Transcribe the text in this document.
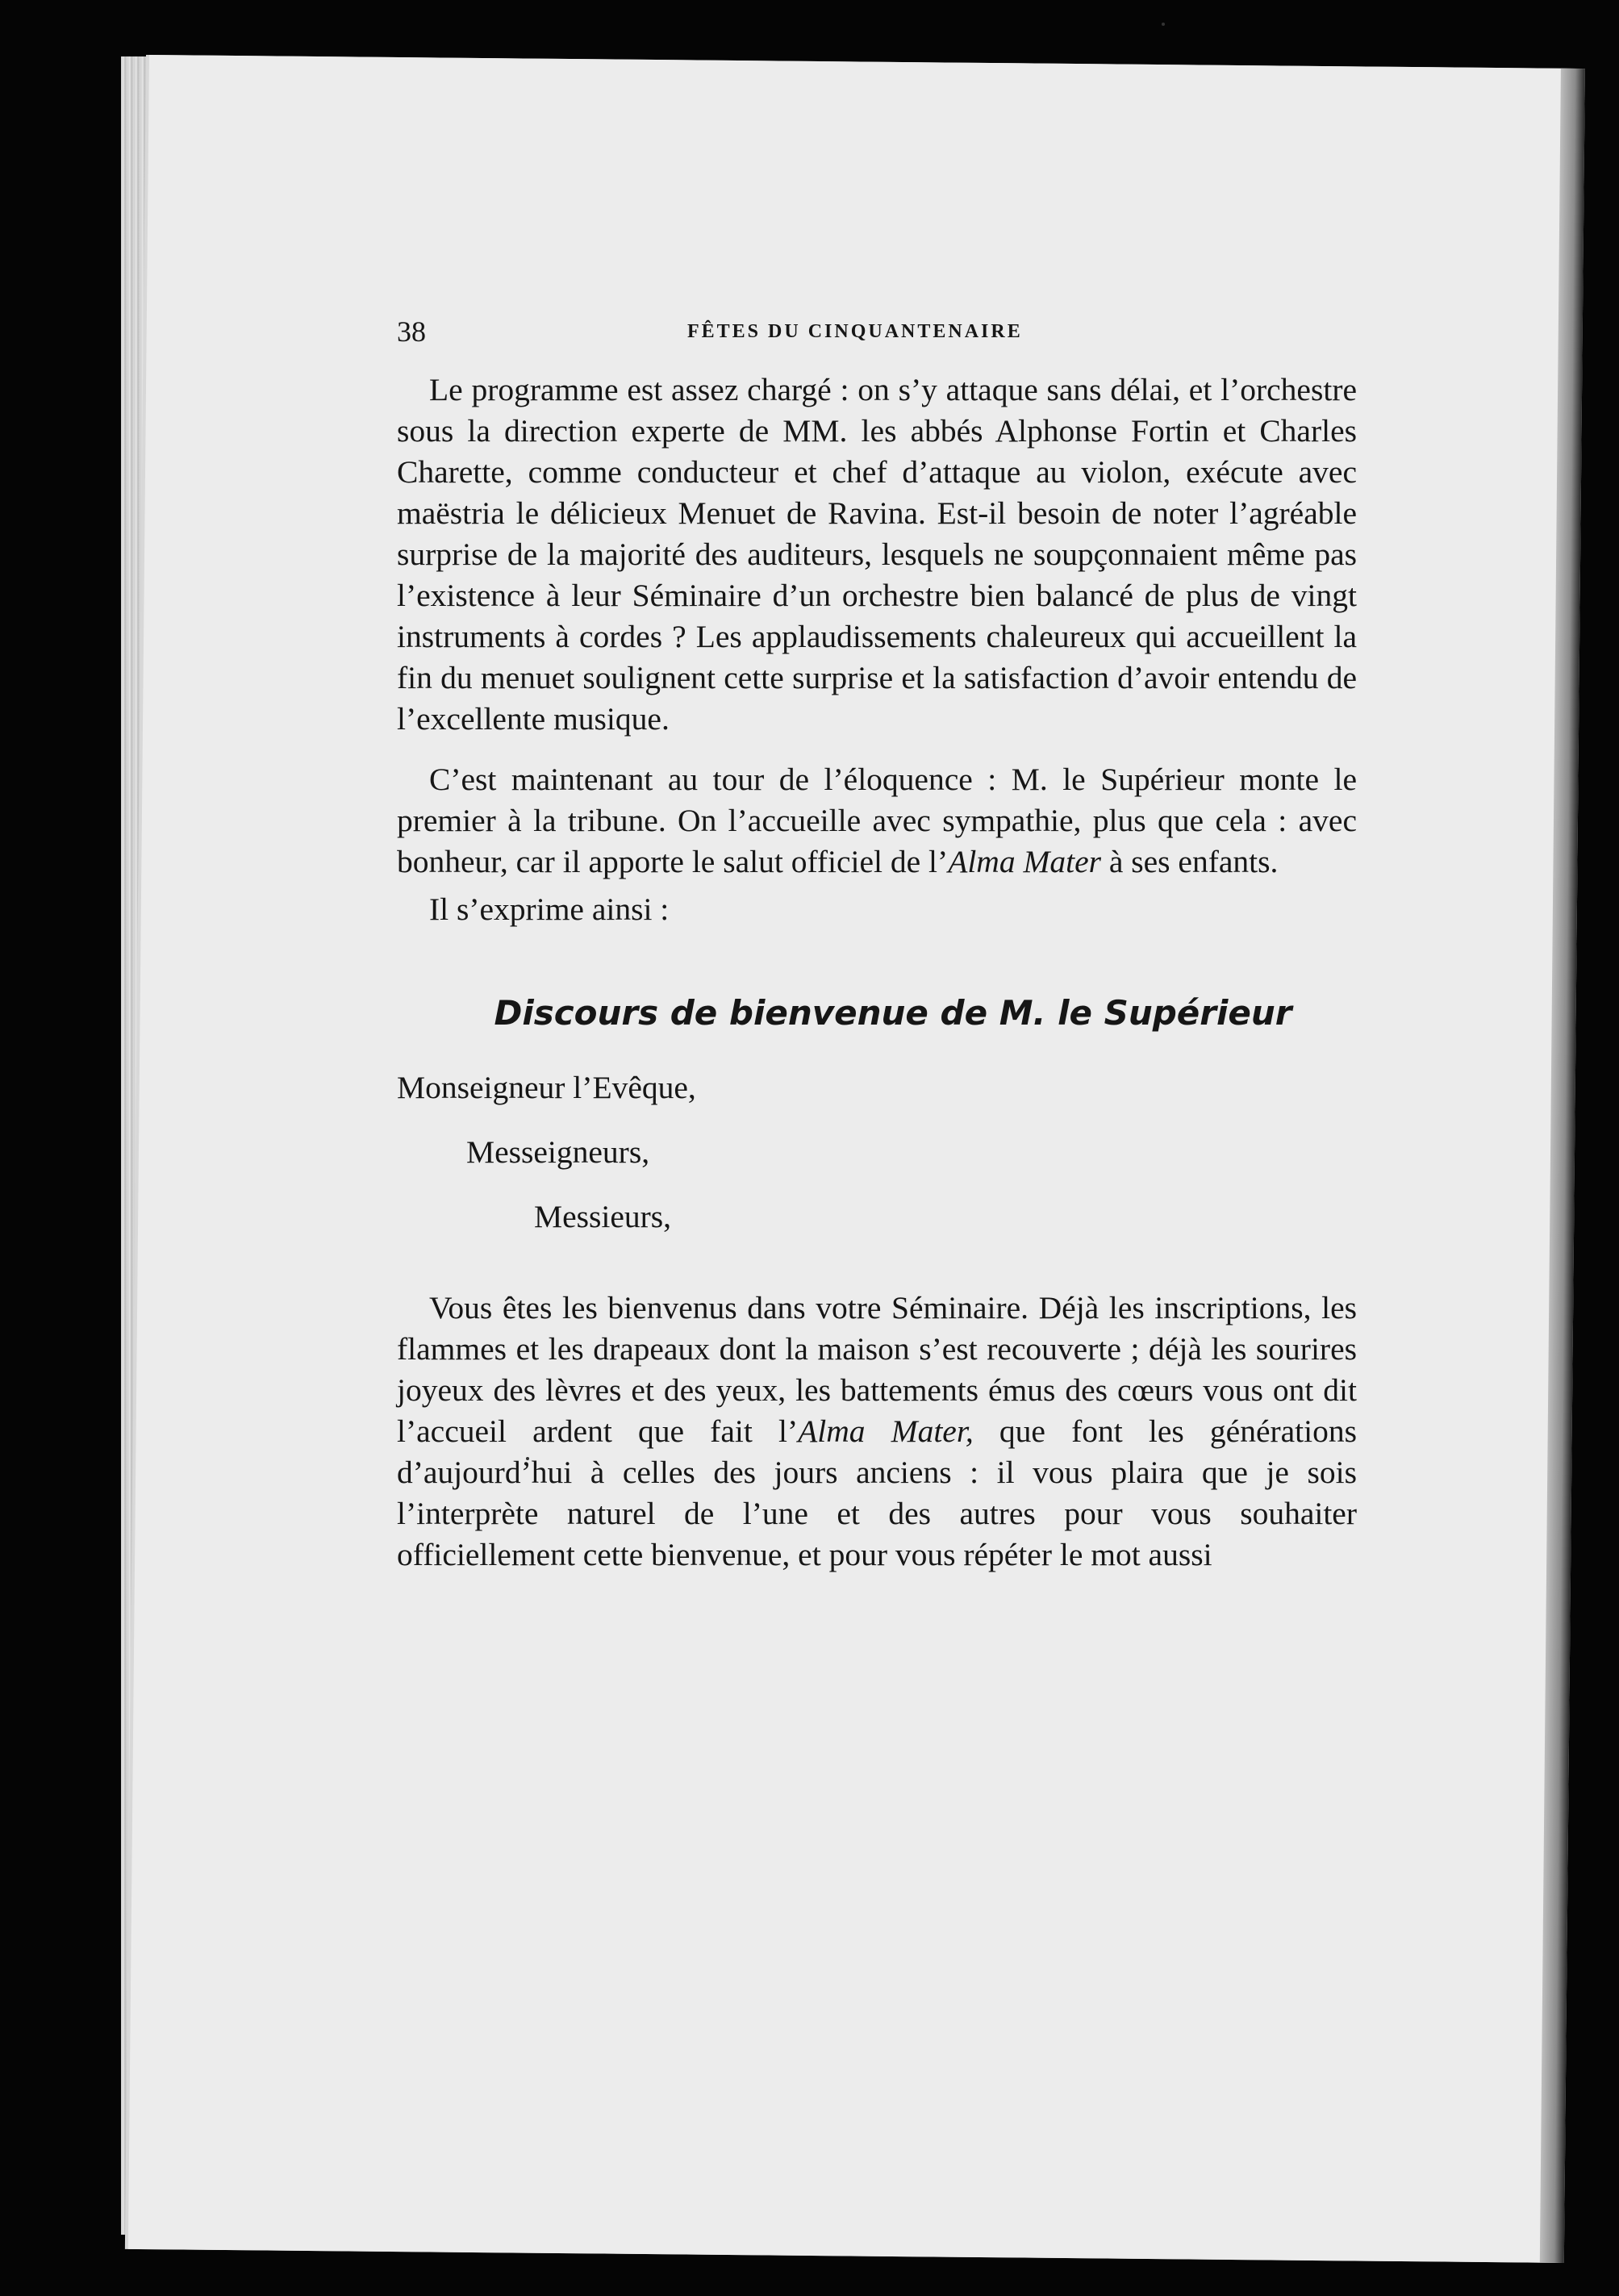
38	FÊTES DU CINQUANTENAIRE

Le programme est assez chargé : on s’y attaque sans délai, et l’orchestre sous la direction experte de MM. les abbés Alphonse Fortin et Charles Charette, comme conducteur et chef d’attaque au violon, exécute avec maëstria le délicieux Menuet de Ravina. Est-il besoin de noter l’agréable surprise de la majorité des auditeurs, lesquels ne soupçonnaient même pas l’existence à leur Séminaire d’un orchestre bien balancé de plus de vingt instruments à cordes ? Les applaudissements chaleureux qui accueillent la fin du menuet soulignent cette surprise et la satisfaction d’avoir entendu de l’excellente musique.

C’est maintenant au tour de l’éloquence : M. le Supérieur monte le premier à la tribune. On l’accueille avec sympathie, plus que cela : avec bonheur, car il apporte le salut officiel de l’Alma Mater à ses enfants.

Il s’exprime ainsi :

Discours de bienvenue de M. le Supérieur
Monseigneur l’Evêque,
Messeigneurs,
Messieurs,

Vous êtes les bienvenus dans votre Séminaire. Déjà les inscriptions, les flammes et les drapeaux dont la maison s’est recouverte ; déjà les sourires joyeux des lèvres et des yeux, les battements émus des cœurs vous ont dit l’accueil ardent que fait l’Alma Mater, que font les générations d’aujourd’hui à celles des jours anciens : il vous plaira que je sois l’interprète naturel de l’une et des autres pour vous souhaiter officiellement cette bienvenue, et pour vous répéter le mot aussi
